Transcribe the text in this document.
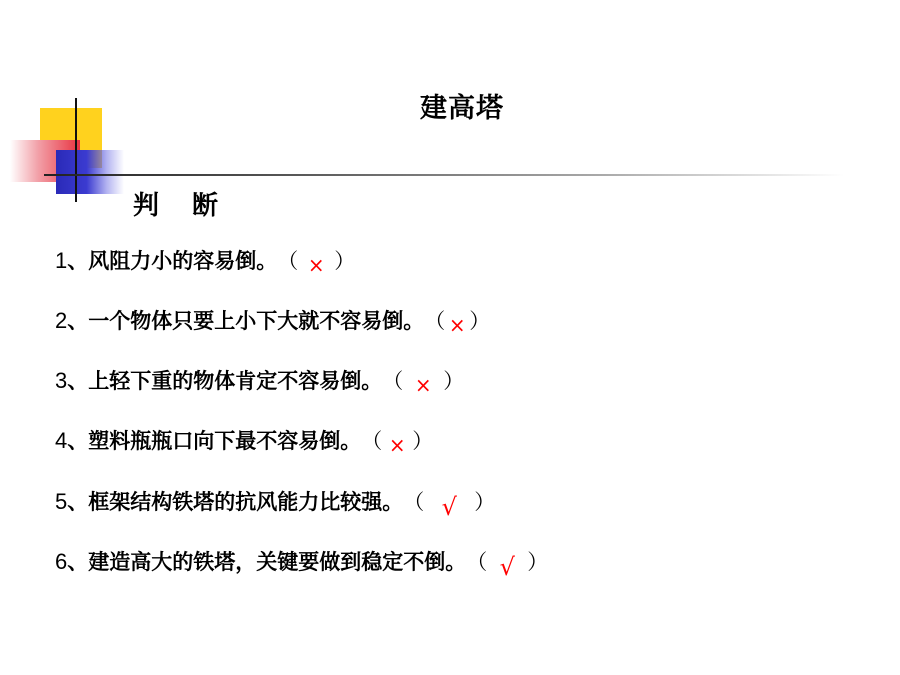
建高塔
判 断
1、风阻力小的容易倒。（ × ）
2、一个物体只要上小下大就不容易倒。（ × ）
3、上轻下重的物体肯定不容易倒。（ × ）
4、塑料瓶瓶口向下最不容易倒。（ × ）
5、框架结构铁塔的抗风能力比较强。（ √ ）
6、建造高大的铁塔，关键要做到稳定不倒。（ √ ）
